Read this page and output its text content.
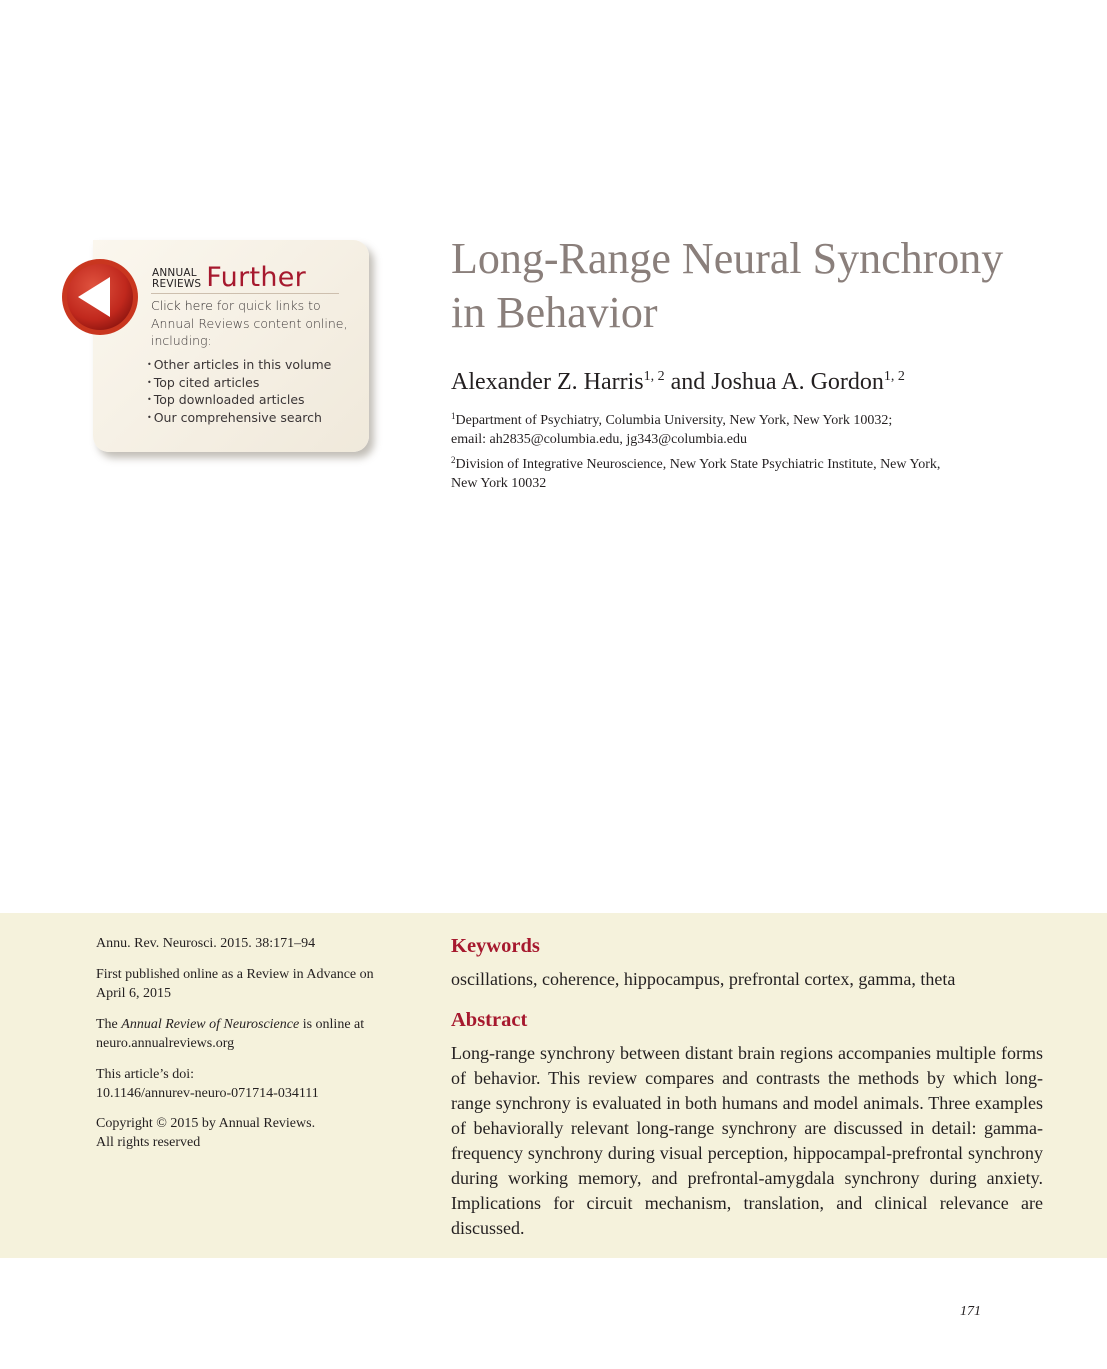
ANNUAL
REVIEWS Further
Click here for quick links to Annual Reviews content online, including:
• Other articles in this volume
• Top cited articles
• Top downloaded articles
• Our comprehensive search
Long-Range Neural Synchrony
in Behavior
Alexander Z. Harris$^{1, 2}$ and Joshua A. Gordon$^{1, 2}$
$^1$Department of Psychiatry, Columbia University, New York, New York 10032;
email: ah2835@columbia.edu, jg343@columbia.edu
$^2$Division of Integrative Neuroscience, New York State Psychiatric Institute, New York,
New York 10032
Annu. Rev. Neurosci. 2015. 38:171–94
First published online as a Review in Advance on
April 6, 2015
The Annual Review of Neuroscience is online at
neuro.annualreviews.org
This article’s doi:
10.1146/annurev-neuro-071714-034111
Copyright © 2015 by Annual Reviews.
All rights reserved
Keywords
oscillations, coherence, hippocampus, prefrontal cortex, gamma, theta
Abstract

Long-range synchrony between distant brain regions accompanies multiple forms of behavior. This review compares and contrasts the methods by which long-range synchrony is evaluated in both humans and model animals. Three examples of behaviorally relevant long-range synchrony are discussed in detail: gamma-frequency synchrony during visual perception, hippocampal-prefrontal synchrony during working memory, and prefrontal-amygdala synchrony during anxiety. Implications for circuit mechanism, translation, and clinical relevance are discussed.

171
